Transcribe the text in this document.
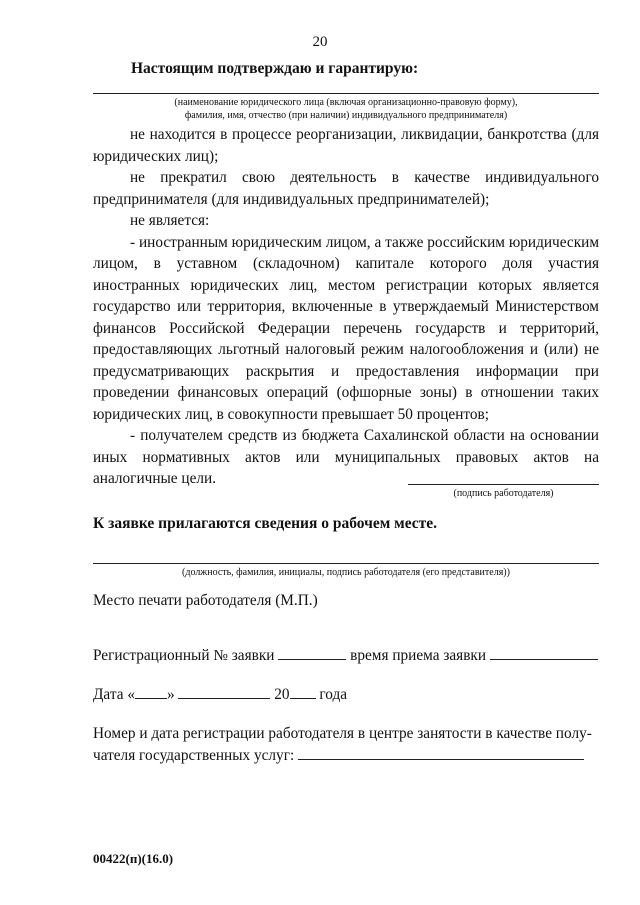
20
Настоящим подтверждаю и гарантирую:
(наименование юридического лица (включая организационно-правовую форму),
фамилия, имя, отчество (при наличии) индивидуального предпринимателя)
не находится в процессе реорганизации, ликвидации, банкротства (для юридических лиц);
не прекратил свою деятельность в качестве индивидуального предпринимателя (для индивидуальных предпринимателей);
не является:
- иностранным юридическим лицом, а также российским юридическим лицом, в уставном (складочном) капитале которого доля участия иностранных юридических лиц, местом регистрации которых является государство или территория, включенные в утверждаемый Министерством финансов Российской Федерации перечень государств и территорий, предоставляющих льготный налоговый режим налогообложения и (или) не предусматривающих раскрытия и предоставления информации при проведении финансовых операций (офшорные зоны) в отношении таких юридических лиц, в совокупности превышает 50 процентов;
- получателем средств из бюджета Сахалинской области на основании иных нормативных актов или муниципальных правовых актов на аналогичные цели.
(подпись работодателя)
К заявке прилагаются сведения о рабочем месте.
(должность, фамилия, инициалы, подпись работодателя (его представителя))
Место печати работодателя (М.П.)
Регистрационный № заявки	время приема заявки
Дата « »	20 года
Номер и дата регистрации работодателя в центре занятости в качестве полу-
чателя государственных услуг:
00422(п)(16.0)
